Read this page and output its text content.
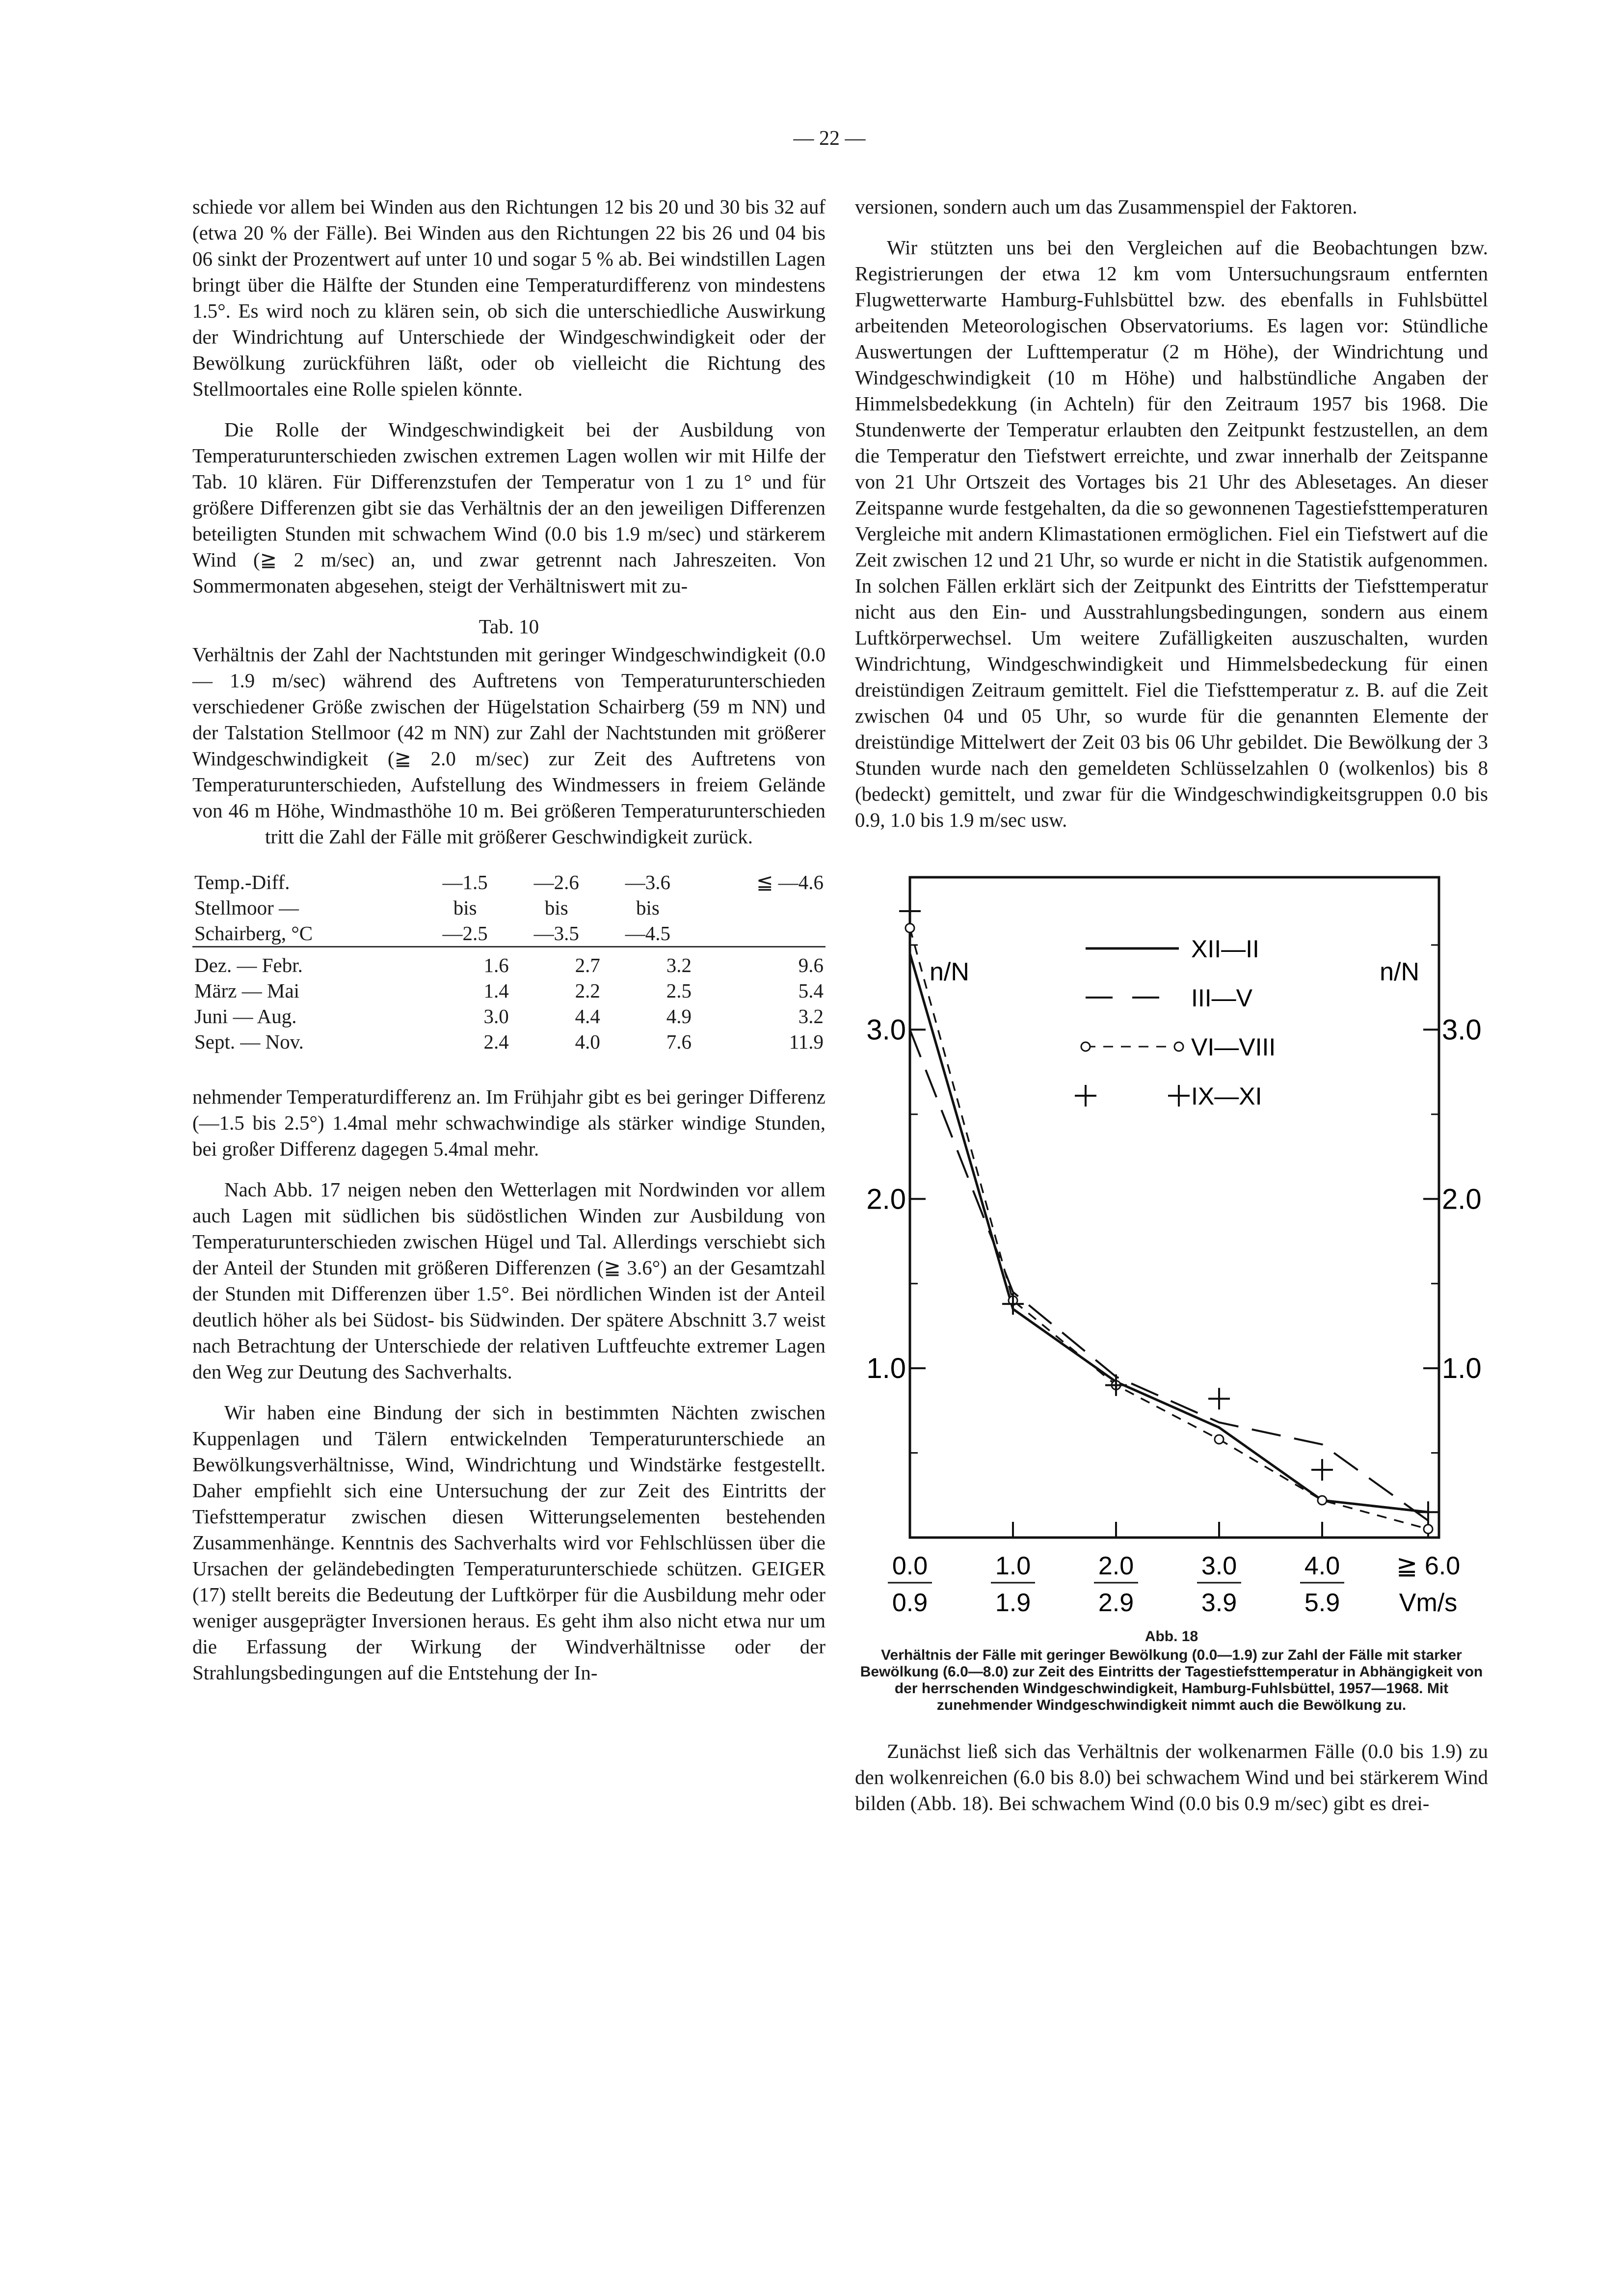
— 22 —

schiede vor allem bei Winden aus den Richtungen 12 bis 20 und 30 bis 32 auf (etwa 20 % der Fälle). Bei Winden aus den Richtungen 22 bis 26 und 04 bis 06 sinkt der Prozentwert auf unter 10 und sogar 5 % ab. Bei windstillen Lagen bringt über die Hälfte der Stunden eine Temperaturdifferenz von mindestens 1.5°. Es wird noch zu klären sein, ob sich die unterschiedliche Auswirkung der Windrichtung auf Unterschiede der Windgeschwindigkeit oder der Bewölkung zurückführen läßt, oder ob vielleicht die Richtung des Stellmoortales eine Rolle spielen könnte.

Die Rolle der Windgeschwindigkeit bei der Ausbildung von Temperaturunterschieden zwischen extremen Lagen wollen wir mit Hilfe der Tab. 10 klären. Für Differenzstufen der Temperatur von 1 zu 1° und für größere Differenzen gibt sie das Verhältnis der an den jeweiligen Differenzen beteiligten Stunden mit schwachem Wind (0.0 bis 1.9 m/sec) und stärkerem Wind (≧ 2 m/sec) an, und zwar getrennt nach Jahreszeiten. Von Sommermonaten abgesehen, steigt der Verhältniswert mit zu-

Tab. 10
Verhältnis der Zahl der Nachtstunden mit geringer Windgeschwindigkeit (0.0 — 1.9 m/sec) während des Auftretens von Temperaturunterschieden verschiedener Größe zwischen der Hügelstation Schairberg (59 m NN) und der Talstation Stellmoor (42 m NN) zur Zahl der Nachtstunden mit größerer Windgeschwindigkeit (≧ 2.0 m/sec) zur Zeit des Auftretens von Temperaturunterschieden, Aufstellung des Windmessers in freiem Gelände von 46 m Höhe, Windmasthöhe 10 m. Bei größeren Temperaturunterschieden tritt die Zahl der Fälle mit größerer Geschwindigkeit zurück.
Temp.-Diff.	—1.5	—2.6	—3.6	≦ —4.6
Stellmoor —	bis	bis	bis	
Schairberg, °C	—2.5	—3.5	—4.5	
Dez. — Febr.	1.6	2.7	3.2	9.6
März — Mai	1.4	2.2	2.5	5.4
Juni — Aug.	3.0	4.4	4.9	3.2
Sept. — Nov.	2.4	4.0	7.6	11.9

nehmender Temperaturdifferenz an. Im Frühjahr gibt es bei geringer Differenz (—1.5 bis 2.5°) 1.4mal mehr schwachwindige als stärker windige Stunden, bei großer Differenz dagegen 5.4mal mehr.

Nach Abb. 17 neigen neben den Wetterlagen mit Nordwinden vor allem auch Lagen mit südlichen bis südöstlichen Winden zur Ausbildung von Temperaturunterschieden zwischen Hügel und Tal. Allerdings verschiebt sich der Anteil der Stunden mit größeren Differenzen (≧ 3.6°) an der Gesamtzahl der Stunden mit Differenzen über 1.5°. Bei nördlichen Winden ist der Anteil deutlich höher als bei Südost- bis Südwinden. Der spätere Abschnitt 3.7 weist nach Betrachtung der Unterschiede der relativen Luftfeuchte extremer Lagen den Weg zur Deutung des Sachverhalts.

Wir haben eine Bindung der sich in bestimmten Nächten zwischen Kuppenlagen und Tälern entwickelnden Temperaturunterschiede an Bewölkungsverhältnisse, Wind, Windrichtung und Windstärke festgestellt. Daher empfiehlt sich eine Untersuchung der zur Zeit des Eintritts der Tiefsttemperatur zwischen diesen Witterungselementen bestehenden Zusammenhänge. Kenntnis des Sachverhalts wird vor Fehlschlüssen über die Ursachen der geländebedingten Temperaturunterschiede schützen. GEIGER (17) stellt bereits die Bedeutung der Luftkörper für die Ausbildung mehr oder weniger ausgeprägter Inversionen heraus. Es geht ihm also nicht etwa nur um die Erfassung der Wirkung der Windverhältnisse oder der Strahlungsbedingungen auf die Entstehung der In-

versionen, sondern auch um das Zusammenspiel der Faktoren.

Wir stützten uns bei den Vergleichen auf die Beobachtungen bzw. Registrierungen der etwa 12 km vom Untersuchungsraum entfernten Flugwetterwarte Hamburg-Fuhlsbüttel bzw. des ebenfalls in Fuhlsbüttel arbeitenden Meteorologischen Observatoriums. Es lagen vor: Stündliche Auswertungen der Lufttemperatur (2 m Höhe), der Windrichtung und Windgeschwindigkeit (10 m Höhe) und halbstündliche Angaben der Himmelsbedekkung (in Achteln) für den Zeitraum 1957 bis 1968. Die Stundenwerte der Temperatur erlaubten den Zeitpunkt festzustellen, an dem die Temperatur den Tiefstwert erreichte, und zwar innerhalb der Zeitspanne von 21 Uhr Ortszeit des Vortages bis 21 Uhr des Ablesetages. An dieser Zeitspanne wurde festgehalten, da die so gewonnenen Tagestiefsttemperaturen Vergleiche mit andern Klimastationen ermöglichen. Fiel ein Tiefstwert auf die Zeit zwischen 12 und 21 Uhr, so wurde er nicht in die Statistik aufgenommen. In solchen Fällen erklärt sich der Zeitpunkt des Eintritts der Tiefsttemperatur nicht aus den Ein- und Ausstrahlungsbedingungen, sondern aus einem Luftkörperwechsel. Um weitere Zufälligkeiten auszuschalten, wurden Windrichtung, Windgeschwindigkeit und Himmelsbedeckung für einen dreistündigen Zeitraum gemittelt. Fiel die Tiefsttemperatur z. B. auf die Zeit zwischen 04 und 05 Uhr, so wurde für die genannten Elemente der dreistündige Mittelwert der Zeit 03 bis 06 Uhr gebildet. Die Bewölkung der 3 Stunden wurde nach den gemeldeten Schlüsselzahlen 0 (wolkenlos) bis 8 (bedeckt) gemittelt, und zwar für die Windgeschwindigkeitsgruppen 0.0 bis 0.9, 1.0 bis 1.9 m/sec usw.

1.0	1.0
2.0	2.0
3.0	3.0
n/N	n/N
0.0
0.9
1.0
1.9
2.0
2.9
3.0
3.9
4.0
5.9
≧ 6.0
Vm/s
XII—II
III—V
VI—VIII
IX—XI
Abb. 18
Verhältnis der Fälle mit geringer Bewölkung (0.0—1.9) zur Zahl der Fälle mit starker Bewölkung (6.0—8.0) zur Zeit des Eintritts der Tagestiefsttemperatur in Abhängigkeit von der herrschenden Windgeschwindigkeit, Hamburg-Fuhlsbüttel, 1957—1968. Mit zunehmender Windgeschwindigkeit nimmt auch die Bewölkung zu.

Zunächst ließ sich das Verhältnis der wolkenarmen Fälle (0.0 bis 1.9) zu den wolkenreichen (6.0 bis 8.0) bei schwachem Wind und bei stärkerem Wind bilden (Abb. 18). Bei schwachem Wind (0.0 bis 0.9 m/sec) gibt es drei-
